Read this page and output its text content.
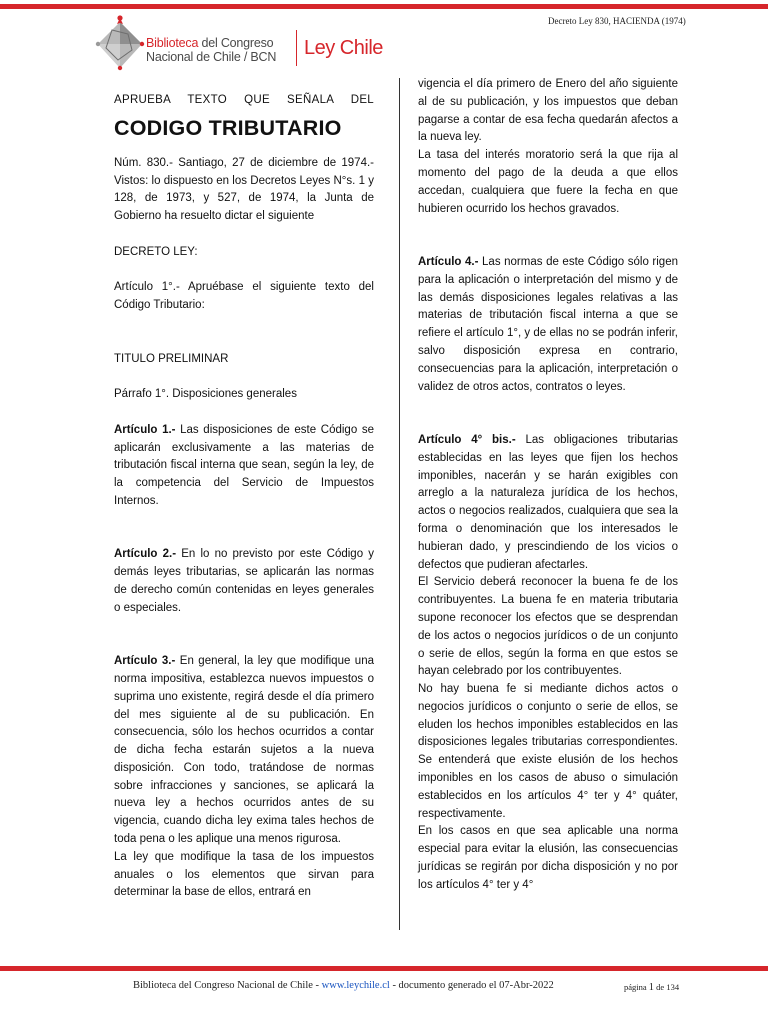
Decreto Ley 830, HACIENDA (1974)
Biblioteca del Congreso
Nacional de Chile / BCN Ley Chile

APRUEBA TEXTO QUE SEÑALA DEL

CODIGO TRIBUTARIO

Núm. 830.- Santiago, 27 de diciembre de 1974.- Vistos: lo dispuesto en los Decretos Leyes N°s. 1 y 128, de 1973, y 527, de 1974, la Junta de Gobierno ha resuelto dictar el siguiente

DECRETO LEY:

Artículo 1°.- Apruébase el siguiente texto del Código Tributario:

TITULO PRELIMINAR

Párrafo 1°. Disposiciones generales

Artículo 1.- Las disposiciones de este Código se aplicarán exclusivamente a las materias de tributación fiscal interna que sean, según la ley, de la competencia del Servicio de Impuestos Internos.

Artículo 2.- En lo no previsto por este Código y demás leyes tributarias, se aplicarán las normas de derecho común contenidas en leyes generales o especiales.

Artículo 3.- En general, la ley que modifique una norma impositiva, establezca nuevos impuestos o suprima uno existente, regirá desde el día primero del mes siguiente al de su publicación. En consecuencia, sólo los hechos ocurridos a contar de dicha fecha estarán sujetos a la nueva disposición. Con todo, tratándose de normas sobre infracciones y sanciones, se aplicará la nueva ley a hechos ocurridos antes de su vigencia, cuando dicha ley exima tales hechos de toda pena o les aplique una menos rigurosa.

La ley que modifique la tasa de los impuestos anuales o los elementos que sirvan para determinar la base de ellos, entrará en

vigencia el día primero de Enero del año siguiente al de su publicación, y los impuestos que deban pagarse a contar de esa fecha quedarán afectos a la nueva ley.

La tasa del interés moratorio será la que rija al momento del pago de la deuda a que ellos accedan, cualquiera que fuere la fecha en que hubieren ocurrido los hechos gravados.

Artículo 4.- Las normas de este Código sólo rigen para la aplicación o interpretación del mismo y de las demás disposiciones legales relativas a las materias de tributación fiscal interna a que se refiere el artículo 1°, y de ellas no se podrán inferir, salvo disposición expresa en contrario, consecuencias para la aplicación, interpretación o validez de otros actos, contratos o leyes.

Artículo 4° bis.- Las obligaciones tributarias establecidas en las leyes que fijen los hechos imponibles, nacerán y se harán exigibles con arreglo a la naturaleza jurídica de los hechos, actos o negocios realizados, cualquiera que sea la forma o denominación que los interesados le hubieran dado, y prescindiendo de los vicios o defectos que pudieran afectarles.

El Servicio deberá reconocer la buena fe de los contribuyentes. La buena fe en materia tributaria supone reconocer los efectos que se desprendan de los actos o negocios jurídicos o de un conjunto o serie de ellos, según la forma en que estos se hayan celebrado por los contribuyentes.

No hay buena fe si mediante dichos actos o negocios jurídicos o conjunto o serie de ellos, se eluden los hechos imponibles establecidos en las disposiciones legales tributarias correspondientes. Se entenderá que existe elusión de los hechos imponibles en los casos de abuso o simulación establecidos en los artículos 4° ter y 4° quáter, respectivamente.

En los casos en que sea aplicable una norma especial para evitar la elusión, las consecuencias jurídicas se regirán por dicha disposición y no por los artículos 4° ter y 4°

Biblioteca del Congreso Nacional de Chile - www.leychile.cl - documento generado el 07-Abr-2022	página 1 de 134
